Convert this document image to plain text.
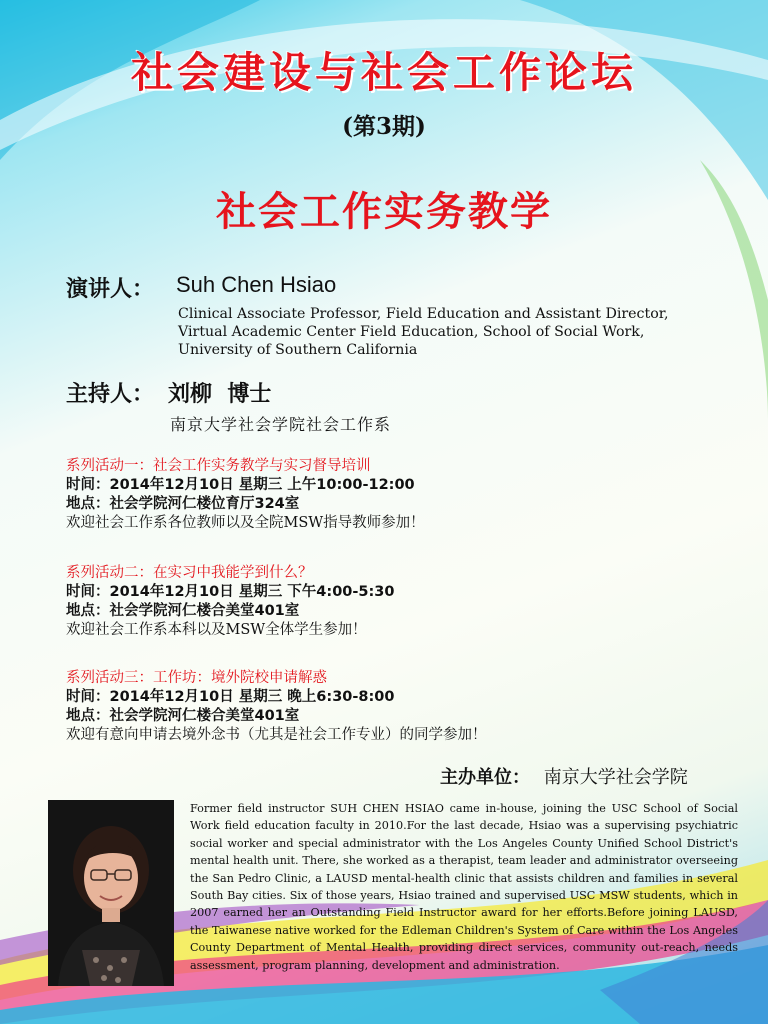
社会建设与社会工作论坛
(第3期)
社会工作实务教学
演讲人： Suh Chen Hsiao
Clinical Associate Professor, Field Education and Assistant Director,
Virtual Academic Center Field Education, School of Social Work,
University of Southern California
主持人： 刘柳  博士
南京大学社会学院社会工作系
系列活动一：社会工作实务教学与实习督导培训
时间：2014年12月10日 星期三 上午10:00-12:00
地点：社会学院河仁楼位育厅324室
欢迎社会工作系各位教师以及全院MSW指导教师参加！
系列活动二：在实习中我能学到什么？
时间：2014年12月10日 星期三 下午4:00-5:30
地点：社会学院河仁楼合美堂401室
欢迎社会工作系本科以及MSW全体学生参加！
系列活动三：工作坊：境外院校申请解惑
时间：2014年12月10日 星期三 晚上6:30-8:00
地点：社会学院河仁楼合美堂401室
欢迎有意向申请去境外念书（尤其是社会工作专业）的同学参加！
主办单位： 南京大学社会学院
Former field instructor SUH CHEN HSIAO came in-house, joining the USC School of Social Work field education faculty in 2010.For the last decade, Hsiao was a supervising psychiatric social worker and special administrator with the Los Angeles County Unified School District's mental health unit. There, she worked as a therapist, team leader and administrator overseeing the San Pedro Clinic, a LAUSD mental-health clinic that assists children and families in several South Bay cities. Six of those years, Hsiao trained and supervised USC MSW students, which in 2007 earned her an Outstanding Field Instructor award for her efforts.Before joining LAUSD, the Taiwanese native worked for the Edleman Children's System of Care within the Los Angeles County Department of Mental Health, providing direct services, community out-reach, needs assessment, program planning, development and administration.
